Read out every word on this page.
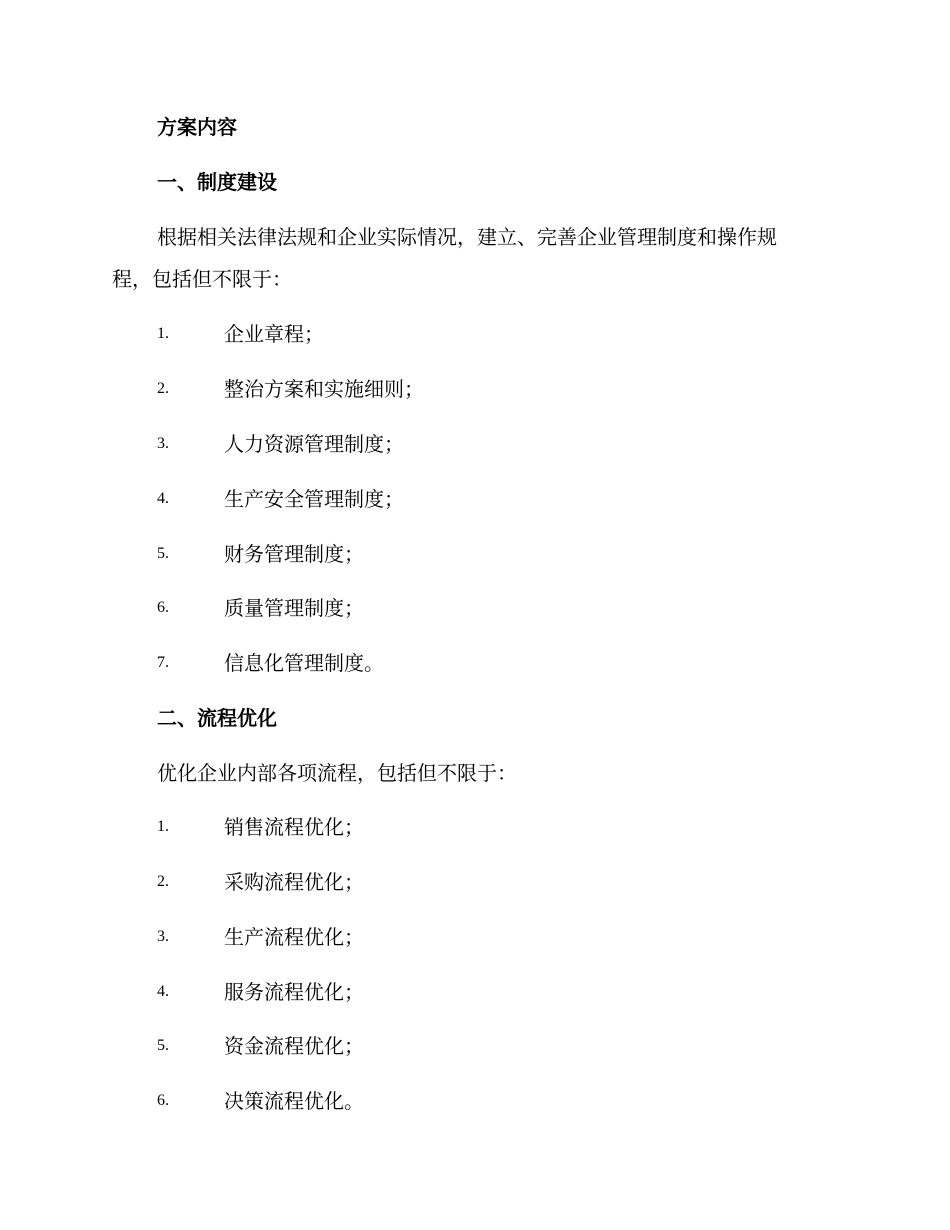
方案内容
一、制度建设
根据相关法律法规和企业实际情况，建立、完善企业管理制度和操作规
程，包括但不限于：
1.	企业章程；
2.	整治方案和实施细则；
3.	人力资源管理制度；
4.	生产安全管理制度；
5.	财务管理制度；
6.	质量管理制度；
7.	信息化管理制度。
二、流程优化
优化企业内部各项流程，包括但不限于：
1.	销售流程优化；
2.	采购流程优化；
3.	生产流程优化；
4.	服务流程优化；
5.	资金流程优化；
6.	决策流程优化。
